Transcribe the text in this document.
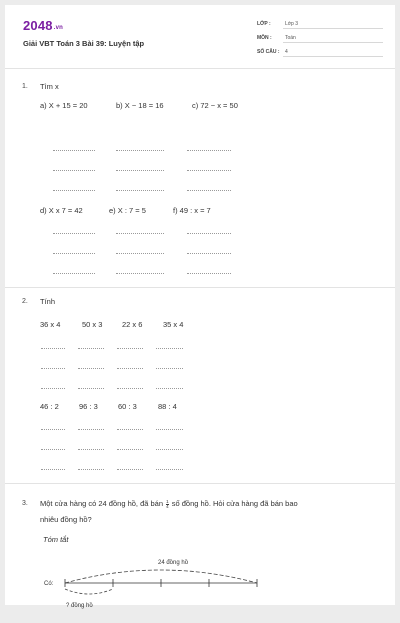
2048.vn
Giải VBT Toán 3 Bài 39: Luyện tập
LỚP :	Lớp 3
MÔN :	Toán
SỐ CÂU : 4
1. Tìm x
a) X + 15 = 20	b) X − 18 = 16	c) 72 − x = 50
d) X x 7 = 42	e) X : 7 = 5	f) 49 : x = 7
2. Tính
36 x 4	50 x 3	22 x 6	35 x 4
46 : 2	96 : 3	60 : 3	88 : 4
3. Một cửa hàng có 24 đồng hồ, đã bán $\frac{1}{4}$ số đồng hồ. Hỏi cửa hàng đã bán bao
nhiêu đồng hồ?
Tóm tắt
24 đồng hồ
Có:
? đồng hồ
